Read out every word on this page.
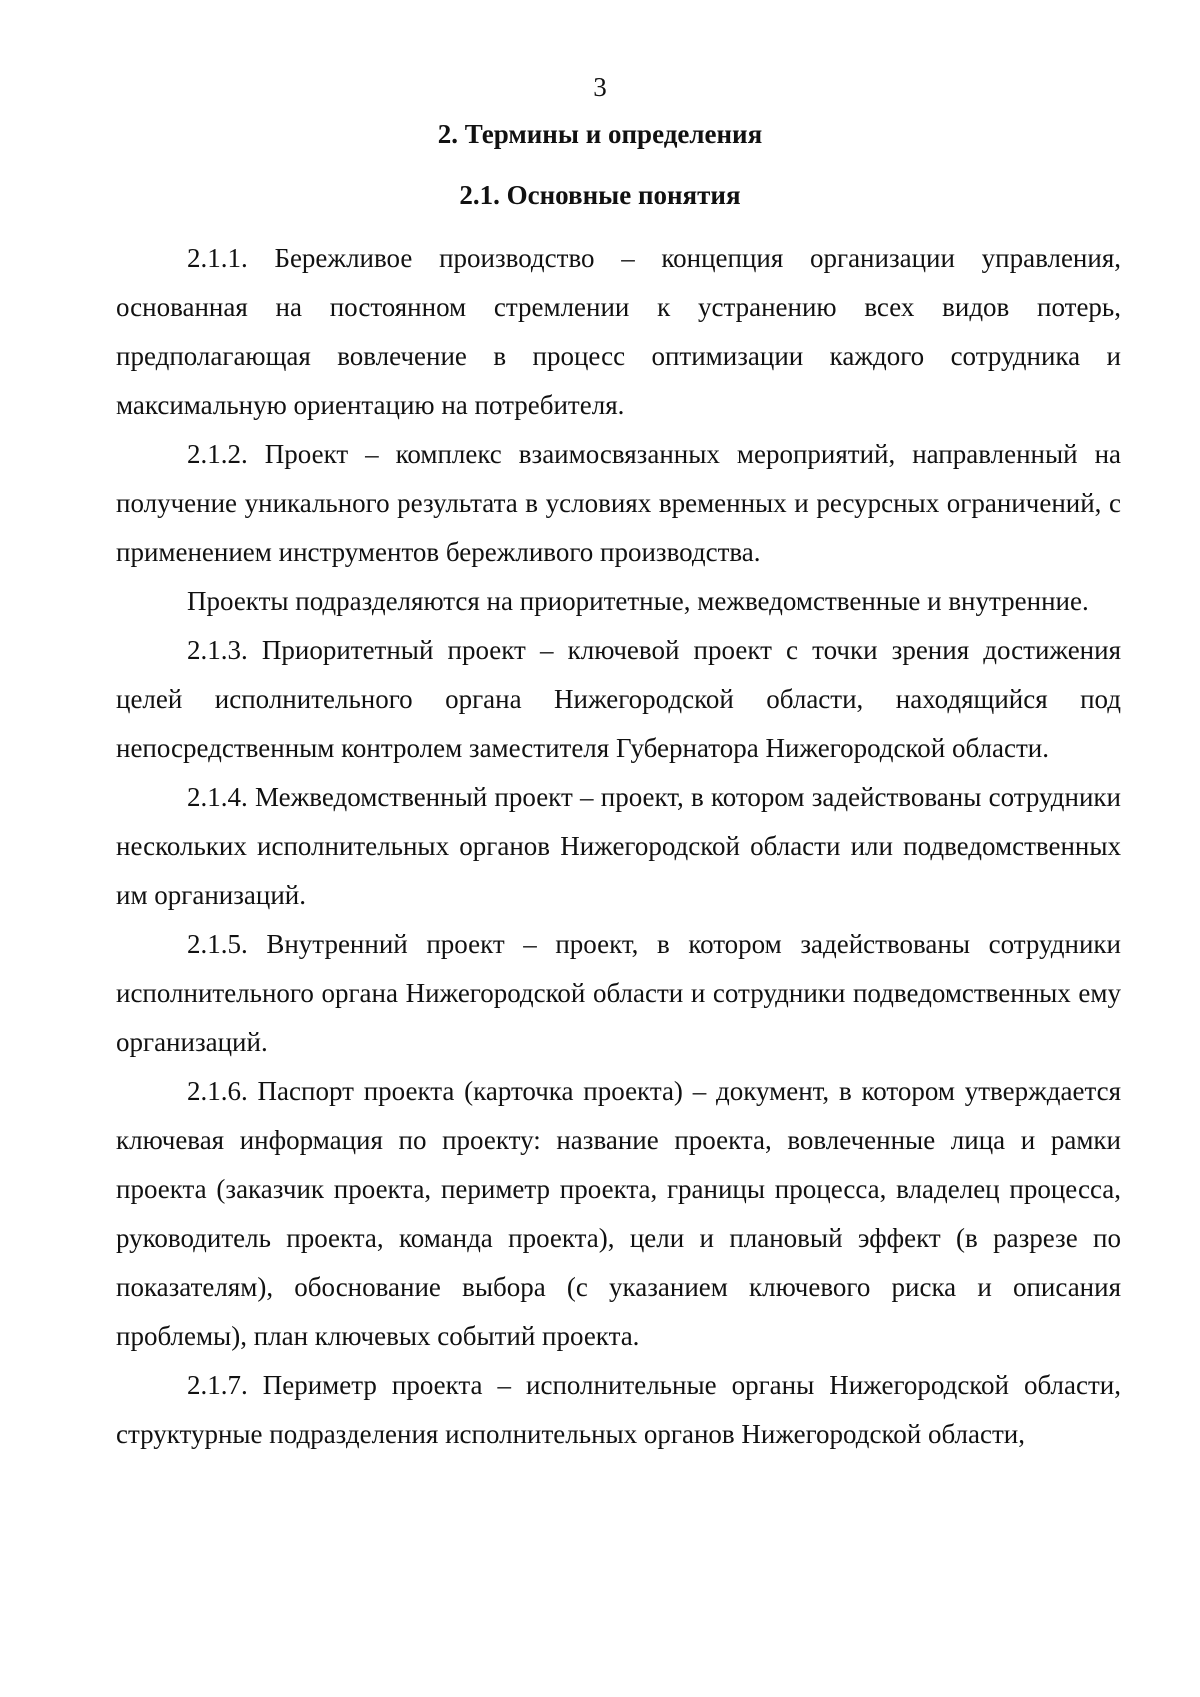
3
2. Термины и определения
2.1. Основные понятия

2.1.1. Бережливое производство – концепция организации управления, основанная на постоянном стремлении к устранению всех видов потерь, предполагающая вовлечение в процесс оптимизации каждого сотрудника и максимальную ориентацию на потребителя.

2.1.2. Проект – комплекс взаимосвязанных мероприятий, направленный на получение уникального результата в условиях временных и ресурсных ограничений, с применением инструментов бережливого производства.

Проекты подразделяются на приоритетные, межведомственные и внутренние.

2.1.3. Приоритетный проект – ключевой проект с точки зрения достижения целей исполнительного органа Нижегородской области, находящийся под непосредственным контролем заместителя Губернатора Нижегородской области.

2.1.4. Межведомственный проект – проект, в котором задействованы сотрудники нескольких исполнительных органов Нижегородской области или подведомственных им организаций.

2.1.5. Внутренний проект – проект, в котором задействованы сотрудники исполнительного органа Нижегородской области и сотрудники подведомственных ему организаций.

2.1.6. Паспорт проекта (карточка проекта) – документ, в котором утверждается ключевая информация по проекту: название проекта, вовлеченные лица и рамки проекта (заказчик проекта, периметр проекта, границы процесса, владелец процесса, руководитель проекта, команда проекта), цели и плановый эффект (в разрезе по показателям), обоснование выбора (с указанием ключевого риска и описания проблемы), план ключевых событий проекта.

2.1.7. Периметр проекта – исполнительные органы Нижегородской области, структурные подразделения исполнительных органов Нижегородской области,
